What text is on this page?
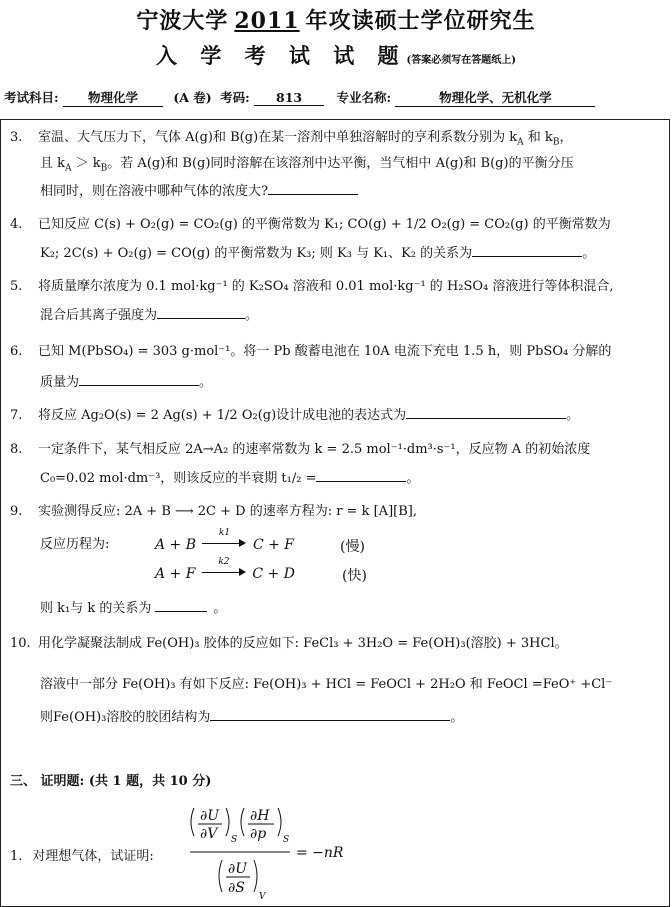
宁波大学 2011 年攻读硕士学位研究生
入 学 考 试 试 题(答案必须写在答题纸上)
考试科目: 物理化学	(A 卷) 考码: 813	专业名称:	物理化学、无机化学
3. 室温、大气压力下，气体 A(g)和 B(g)在某一溶剂中单独溶解时的亨利系数分别为 $k_A$ 和 $k_B$，
且 $k_A > k_B$。若 A(g)和 B(g)同时溶解在该溶剂中达平衡，当气相中 A(g)和 B(g)的平衡分压
相同时，则在溶液中哪种气体的浓度大?
4. 已知反应 C(s) + O₂(g) = CO₂(g) 的平衡常数为 K₁; CO(g) + 1/2 O₂(g) = CO₂(g) 的平衡常数为
K₂; 2C(s) + O₂(g) = CO(g) 的平衡常数为 K₃; 则 K₃ 与 K₁、K₂ 的关系为	。
5. 将质量摩尔浓度为 0.1 mol·kg⁻¹ 的 K₂SO₄ 溶液和 0.01 mol·kg⁻¹ 的 H₂SO₄ 溶液进行等体积混合,
混合后其离子强度为	。
6. 已知 M(PbSO₄) = 303 g·mol⁻¹。将一 Pb 酸蓄电池在 10A 电流下充电 1.5 h，则 PbSO₄ 分解的
质量为	。
7. 将反应 Ag₂O(s) = 2 Ag(s) + 1/2 O₂(g)设计成电池的表达式为	。
8. 一定条件下，某气相反应 2A→A₂ 的速率常数为 k = 2.5 mol⁻¹·dm³·s⁻¹，反应物 A 的初始浓度
C₀=0.02 mol·dm⁻³，则该反应的半衰期 t₁/₂ =	。
9. 实验测得反应: 2A + B ⟶ 2C + D 的速率方程为: r = k [A][B],
反应历程为:	A + B
k1
C + F	(慢)
A + F
k2
C + D	(快)
则 k₁与 k 的关系为	。
10. 用化学凝聚法制成 Fe(OH)₃ 胶体的反应如下: FeCl₃ + 3H₂O = Fe(OH)₃(溶胶) + 3HCl。
溶液中一部分 Fe(OH)₃ 有如下反应: Fe(OH)₃ + HCl = FeOCl + 2H₂O 和 FeOCl =FeO⁺ +Cl⁻
则Fe(OH)₃溶胶的胶团结构为	。
三、 证明题: (共 1 题，共 10 分)
1. 对理想气体，试证明:
∂U
∂V S
∂H
∂p S
∂U
∂S
V
= −nR
